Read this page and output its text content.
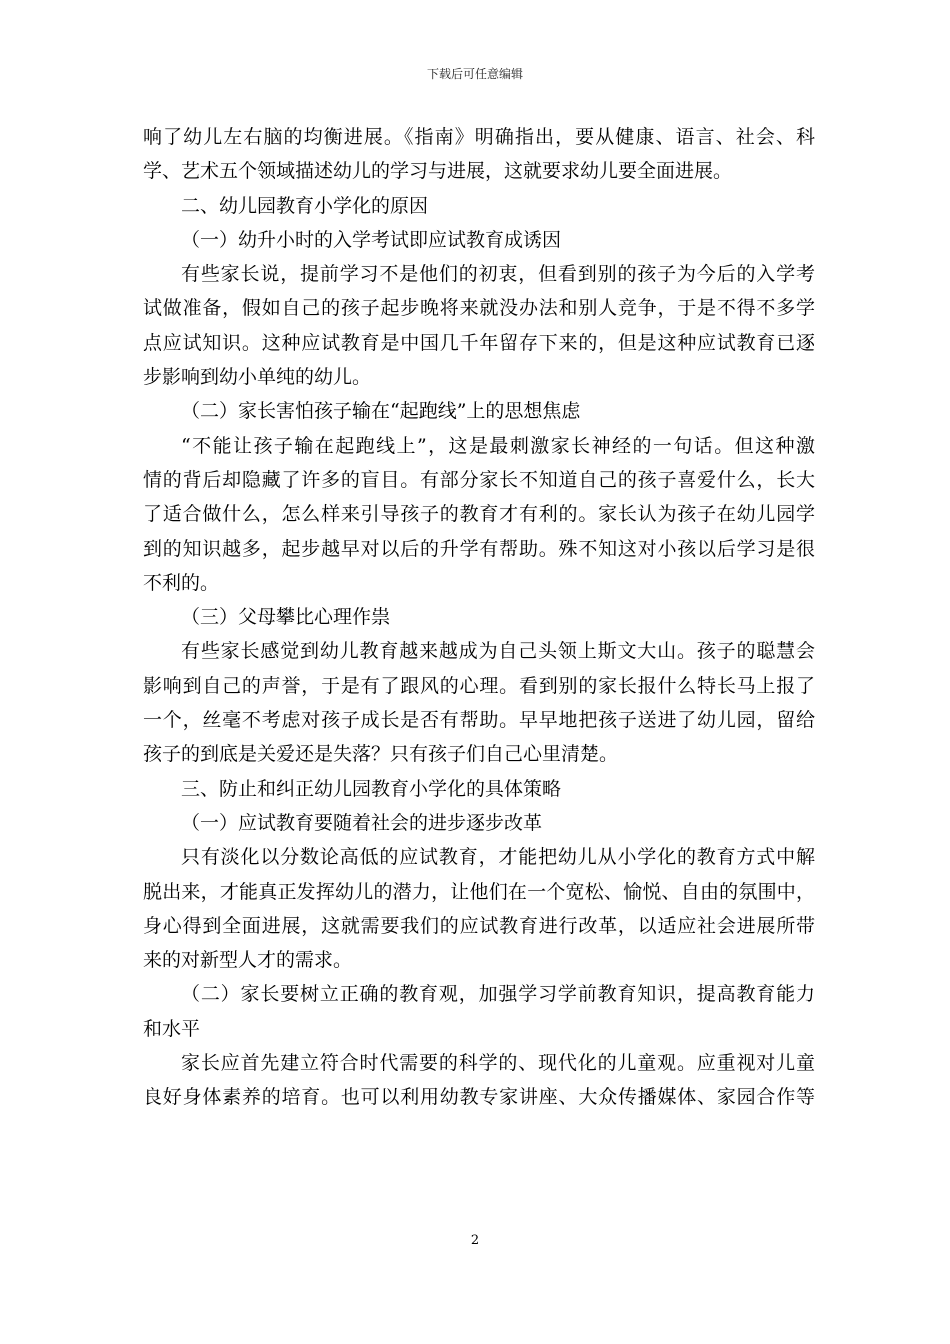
下载后可任意编辑
响了幼儿左右脑的均衡进展。《指南》明确指出，要从健康、语言、社会、科
学、艺术五个领域描述幼儿的学习与进展，这就要求幼儿要全面进展。
二、幼儿园教育小学化的原因
（一）幼升小时的入学考试即应试教育成诱因
有些家长说，提前学习不是他们的初衷，但看到别的孩子为今后的入学考
试做准备，假如自己的孩子起步晚将来就没办法和别人竞争，于是不得不多学
点应试知识。这种应试教育是中国几千年留存下来的，但是这种应试教育已逐
步影响到幼小单纯的幼儿。
（二）家长害怕孩子输在“起跑线”上的思想焦虑
“不能让孩子输在起跑线上”，这是最刺激家长神经的一句话。但这种激
情的背后却隐藏了许多的盲目。有部分家长不知道自己的孩子喜爱什么，长大
了适合做什么，怎么样来引导孩子的教育才有利的。家长认为孩子在幼儿园学
到的知识越多，起步越早对以后的升学有帮助。殊不知这对小孩以后学习是很
不利的。
（三）父母攀比心理作祟
有些家长感觉到幼儿教育越来越成为自己头领上斯文大山。孩子的聪慧会
影响到自己的声誉，于是有了跟风的心理。看到别的家长报什么特长马上报了
一个，丝毫不考虑对孩子成长是否有帮助。早早地把孩子送进了幼儿园，留给
孩子的到底是关爱还是失落？只有孩子们自己心里清楚。
三、防止和纠正幼儿园教育小学化的具体策略
（一）应试教育要随着社会的进步逐步改革
只有淡化以分数论高低的应试教育，才能把幼儿从小学化的教育方式中解
脱出来，才能真正发挥幼儿的潜力，让他们在一个宽松、愉悦、自由的氛围中，
身心得到全面进展，这就需要我们的应试教育进行改革，以适应社会进展所带
来的对新型人才的需求。
（二）家长要树立正确的教育观，加强学习学前教育知识，提高教育能力
和水平
家长应首先建立符合时代需要的科学的、现代化的儿童观。应重视对儿童
良好身体素养的培育。也可以利用幼教专家讲座、大众传播媒体、家园合作等
2
